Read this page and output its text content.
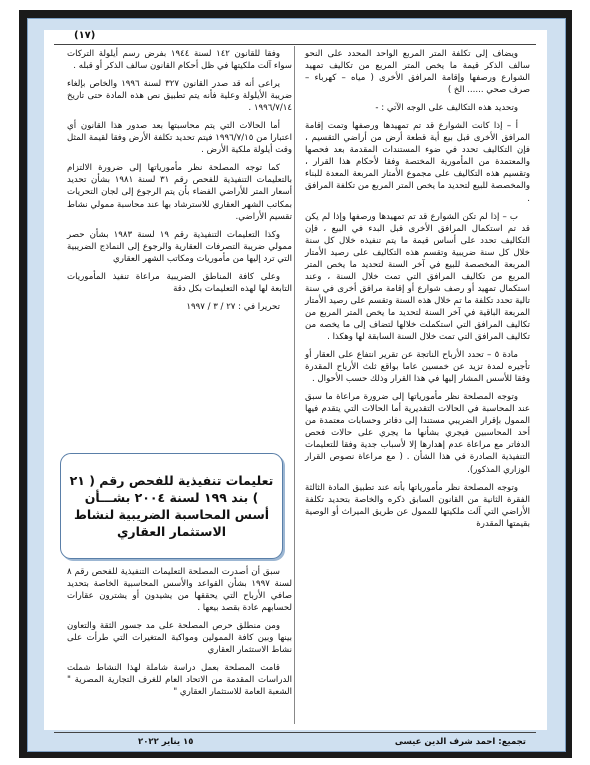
(١٧)

ويضاف إلى تكلفة المتر المربع الواحد المحدد على النحو سالف الذكر قيمة ما يخص المتر المربع من تكاليف تمهيد الشوارع ورصفها وإقامة المرافق الأخرى ( مياه – كهرباء – صرف صحي ...... الخ )

وتحديد هذه التكاليف على الوجه الآتي : -

أ – إذا كانت الشوارع قد تم تمهيدها ورصفها وتمت إقامة المرافق الأخرى قبل بيع أية قطعة أرض من أراضي التقسيم ، فإن التكاليف تحدد في ضوء المستندات المقدمة بعد فحصها والمعتمدة من المأمورية المختصة وفقا لأحكام هذا القرار ، وتقسيم هذه التكاليف على مجموع الأمتار المربعة المعدة للبناء والمخصصة للبيع لتحديد ما يخص المتر المربع من تكلفة المرافق .

ب – إذا لم تكن الشوارع قد تم تمهيدها ورصفها وإذا لم يكن قد تم استكمال المرافق الأخرى قبل البدء في البيع ، فإن التكاليف تحدد على أساس قيمة ما يتم تنفيذه خلال كل سنة خلال كل سنة ضريبية وتقسم هذه التكاليف على رصيد الأمتار المربعة المخصصة للبيع في آخر السنة لتحديد ما يخص المتر المربع من تكاليف المرافق التي تمت خلال السنة ، وعند استكمال تمهيد أو رصف شوارع أو إقامة مرافق أخرى في سنة تالية تحدد تكلفة ما تم خلال هذه السنة وتقسم على رصيد الأمتار المربعة الباقية في آخر السنة لتحديد ما يخص المتر المربع من تكاليف المرافق التي استكملت خلالها لتضاف إلى ما يخصه من تكاليف المرافق التي تمت خلال السنة السابقة لها وهكذا .

مادة ٥ – تحدد الأرباح الناتجة عن تقرير انتفاع على العقار أو تأجيره لمدة تزيد عن خمسين عاما بواقع ثلث الأرباح المقدرة وفقا للأسس المشار إليها في هذا القرار وذلك حسب الأحوال .

وتوجه المصلحة نظر مأمورياتها إلى ضرورة مراعاة ما سبق عند المحاسبة في الحالات التقديرية أما الحالات التي يتقدم فيها الممول بإقرار الضريبي مستندا إلى دفاتر وحسابات معتمدة من أحد المحاسبين فيجري بشأنها ما يجري على حالات فحص الدفاتر مع مراعاة عدم إهدارها إلا لأسباب جدية وفقا للتعليمات التنفيذية الصادرة في هذا الشأن . ( مع مراعاة نصوص القرار الوزاري المذكور).

وتوجه المصلحة نظر مأمورياتها بأنه عند تطبيق المادة الثالثة الفقرة الثانية من القانون السابق ذكره والخاصة بتحديد تكلفة الأراضي التي آلت ملكيتها للممول عن طريق الميراث أو الوصية بقيمتها المقدرة

وفقا للقانون ١٤٢ لسنة ١٩٤٤ بفرض رسم أيلولة التركات سواء آلت ملكيتها في ظل أحكام القانون سالف الذكر أو قبله .

يراعى أنه قد صدر القانون ٣٢٧ لسنة ١٩٩٦ والخاص بإلغاء ضريبة الأيلولة وعلية فأنه يتم تطبيق نص هذه المادة حتى تاريخ ١٩٩٦/٧/١٤ .

أما الحالات التي يتم محاسبتها بعد صدور هذا القانون أي اعتبارا من ١٩٩٦/٧/١٥ فيتم تحديد تكلفة الأرض وفقا لقيمة المثل وقت أيلولة ملكية الأرض .

كما توجه المصلحة نظر مأمورياتها إلى ضرورة الالتزام بالتعليمات التنفيذية للفحص رقم ٣١ لسنة ١٩٨١ بشأن تحديد أسعار المتر للأراضي الفضاء بأن يتم الرجوع إلى لجان التحريات بمكاتب الشهر العقاري للاسترشاد بها عند محاسبة ممولي نشاط تقسيم الأراضي.

وكذا التعليمات التنفيذية رقم ١٩ لسنة ١٩٨٣ بشأن حصر ممولي ضريبة التصرفات العقارية والرجوع إلى النماذج الضريبية التي ترد إليها من مأموريات ومكاتب الشهر العقاري

وعلى كافة المناطق الضريبية مراعاة تنفيذ المأموريات التابعة لها لهذه التعليمات بكل دقة

تحريرا في : ٢٧ / ٣ / ١٩٩٧

تعليمات تنفيذية للفحص رقم ( ٢١ ) بند ١٩٩ لسنة ٢٠٠٤ بشـــأن أسس المحاسبة الضريبية لنشاط الاستثمار العقاري

سبق أن أصدرت المصلحة التعليمات التنفيذية للفحص رقم ٨ لسنة ١٩٩٧ بشأن القواعد والأسس المحاسبية الخاصة بتحديد صافي الأرباح التي يحققها من يشيدون أو يشترون عقارات لحسابهم عادة بقصد بيعها .

ومن منطلق حرص المصلحة على مد جسور الثقة والتعاون بينها وبين كافة الممولين ومواكبة المتغيرات التي طرأت على نشاط الاستثمار العقاري

قامت المصلحة بعمل دراسة شاملة لهذا النشاط شملت الدراسات المقدمة من الاتحاد العام للغرف التجارية المصرية " الشعبة العامة للاستثمار العقاري "

تجميع: احمد شرف الدين عيسى
١٥ يناير ٢٠٢٢
